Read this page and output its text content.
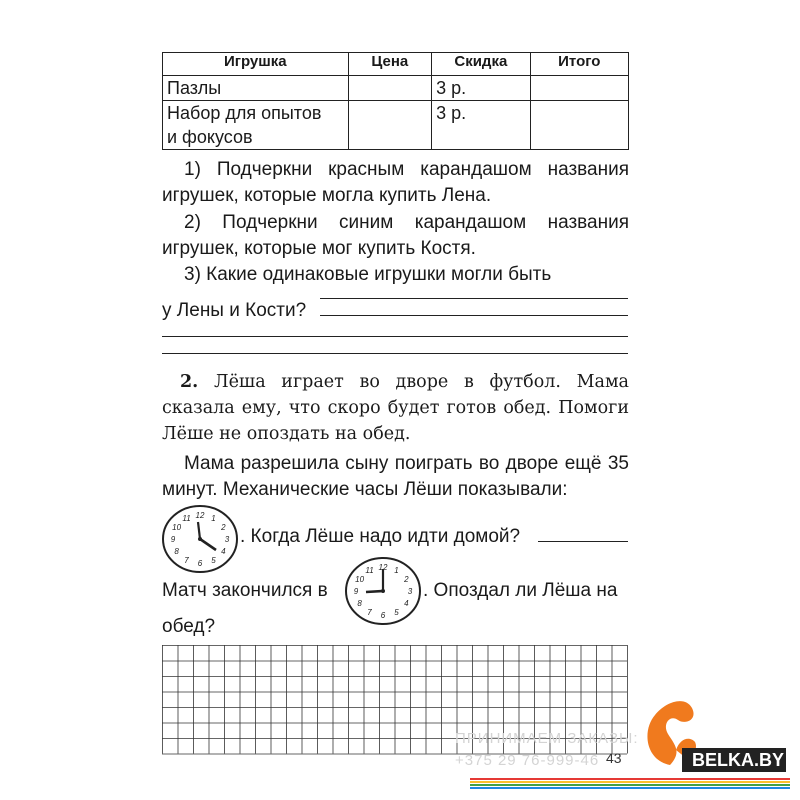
Игрушка	Цена	Скидка	Итого
Пазлы		3 р.	
Набор для опытов
и фокусов		3 р.	
1) Подчеркни красным карандашом названия игрушек, которые могла купить Лена.
2) Подчеркни синим карандашом названия игрушек, которые мог купить Костя.
3) Какие одинаковые игрушки могли быть
у Лены и Кости?
2. Лёша играет во дворе в футбол. Мама сказала ему, что скоро будет готов обед. Помоги Лёше не опоздать на обед.
Мама разрешила сыну поиграть во дворе ещё 35 минут. Механические часы Лёши показывали:
12 1
2
3
4
5
6
7
8
9
10
11
. Когда Лёше надо идти домой?
Матч закончился в
12 1
2
3
4
5
6
7
8
9
10
11
. Опоздал ли Лёша на
обед?
ПРИНИМАЕМ ЗАКАЗЫ:
+375 29 76-999-46 43	BELKA.BY
